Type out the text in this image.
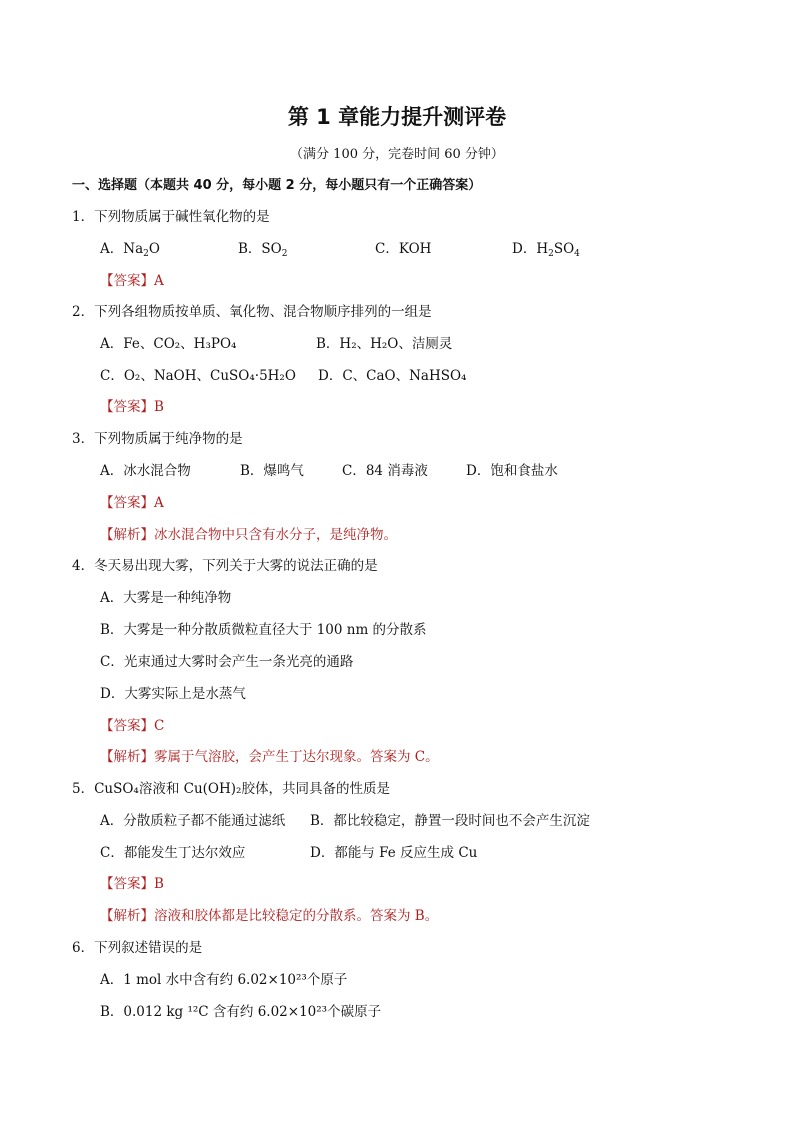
第 1 章能力提升测评卷
（满分 100 分，完卷时间 60 分钟）
一、选择题（本题共 40 分，每小题 2 分，每小题只有一个正确答案）
1．下列物质属于碱性氧化物的是
A．$Na_2O$	B．$SO_2$	C．KOH	D．$H_2SO_4$
【答案】A
2．下列各组物质按单质、氧化物、混合物顺序排列的一组是
A．Fe、CO₂、H₃PO₄	B．H₂、H₂O、洁厕灵
C．O₂、NaOH、CuSO₄·5H₂O D．C、CaO、NaHSO₄
【答案】B
3．下列物质属于纯净物的是
A．冰水混合物	B．爆鸣气	C．84 消毒液	D．饱和食盐水
【答案】A
【解析】冰水混合物中只含有水分子，是纯净物。
4．冬天易出现大雾，下列关于大雾的说法正确的是
A．大雾是一种纯净物
B．大雾是一种分散质微粒直径大于 100 nm 的分散系
C．光束通过大雾时会产生一条光亮的通路
D．大雾实际上是水蒸气
【答案】C
【解析】雾属于气溶胶，会产生丁达尔现象。答案为 C。
5．CuSO₄溶液和 Cu(OH)₂胶体，共同具备的性质是
A．分散质粒子都不能通过滤纸 B．都比较稳定，静置一段时间也不会产生沉淀
C．都能发生丁达尔效应	D．都能与 Fe 反应生成 Cu
【答案】B
【解析】溶液和胶体都是比较稳定的分散系。答案为 B。
6．下列叙述错误的是
A．1 mol 水中含有约 6.02×10²³个原子
B．0.012 kg ¹²C 含有约 6.02×10²³个碳原子
